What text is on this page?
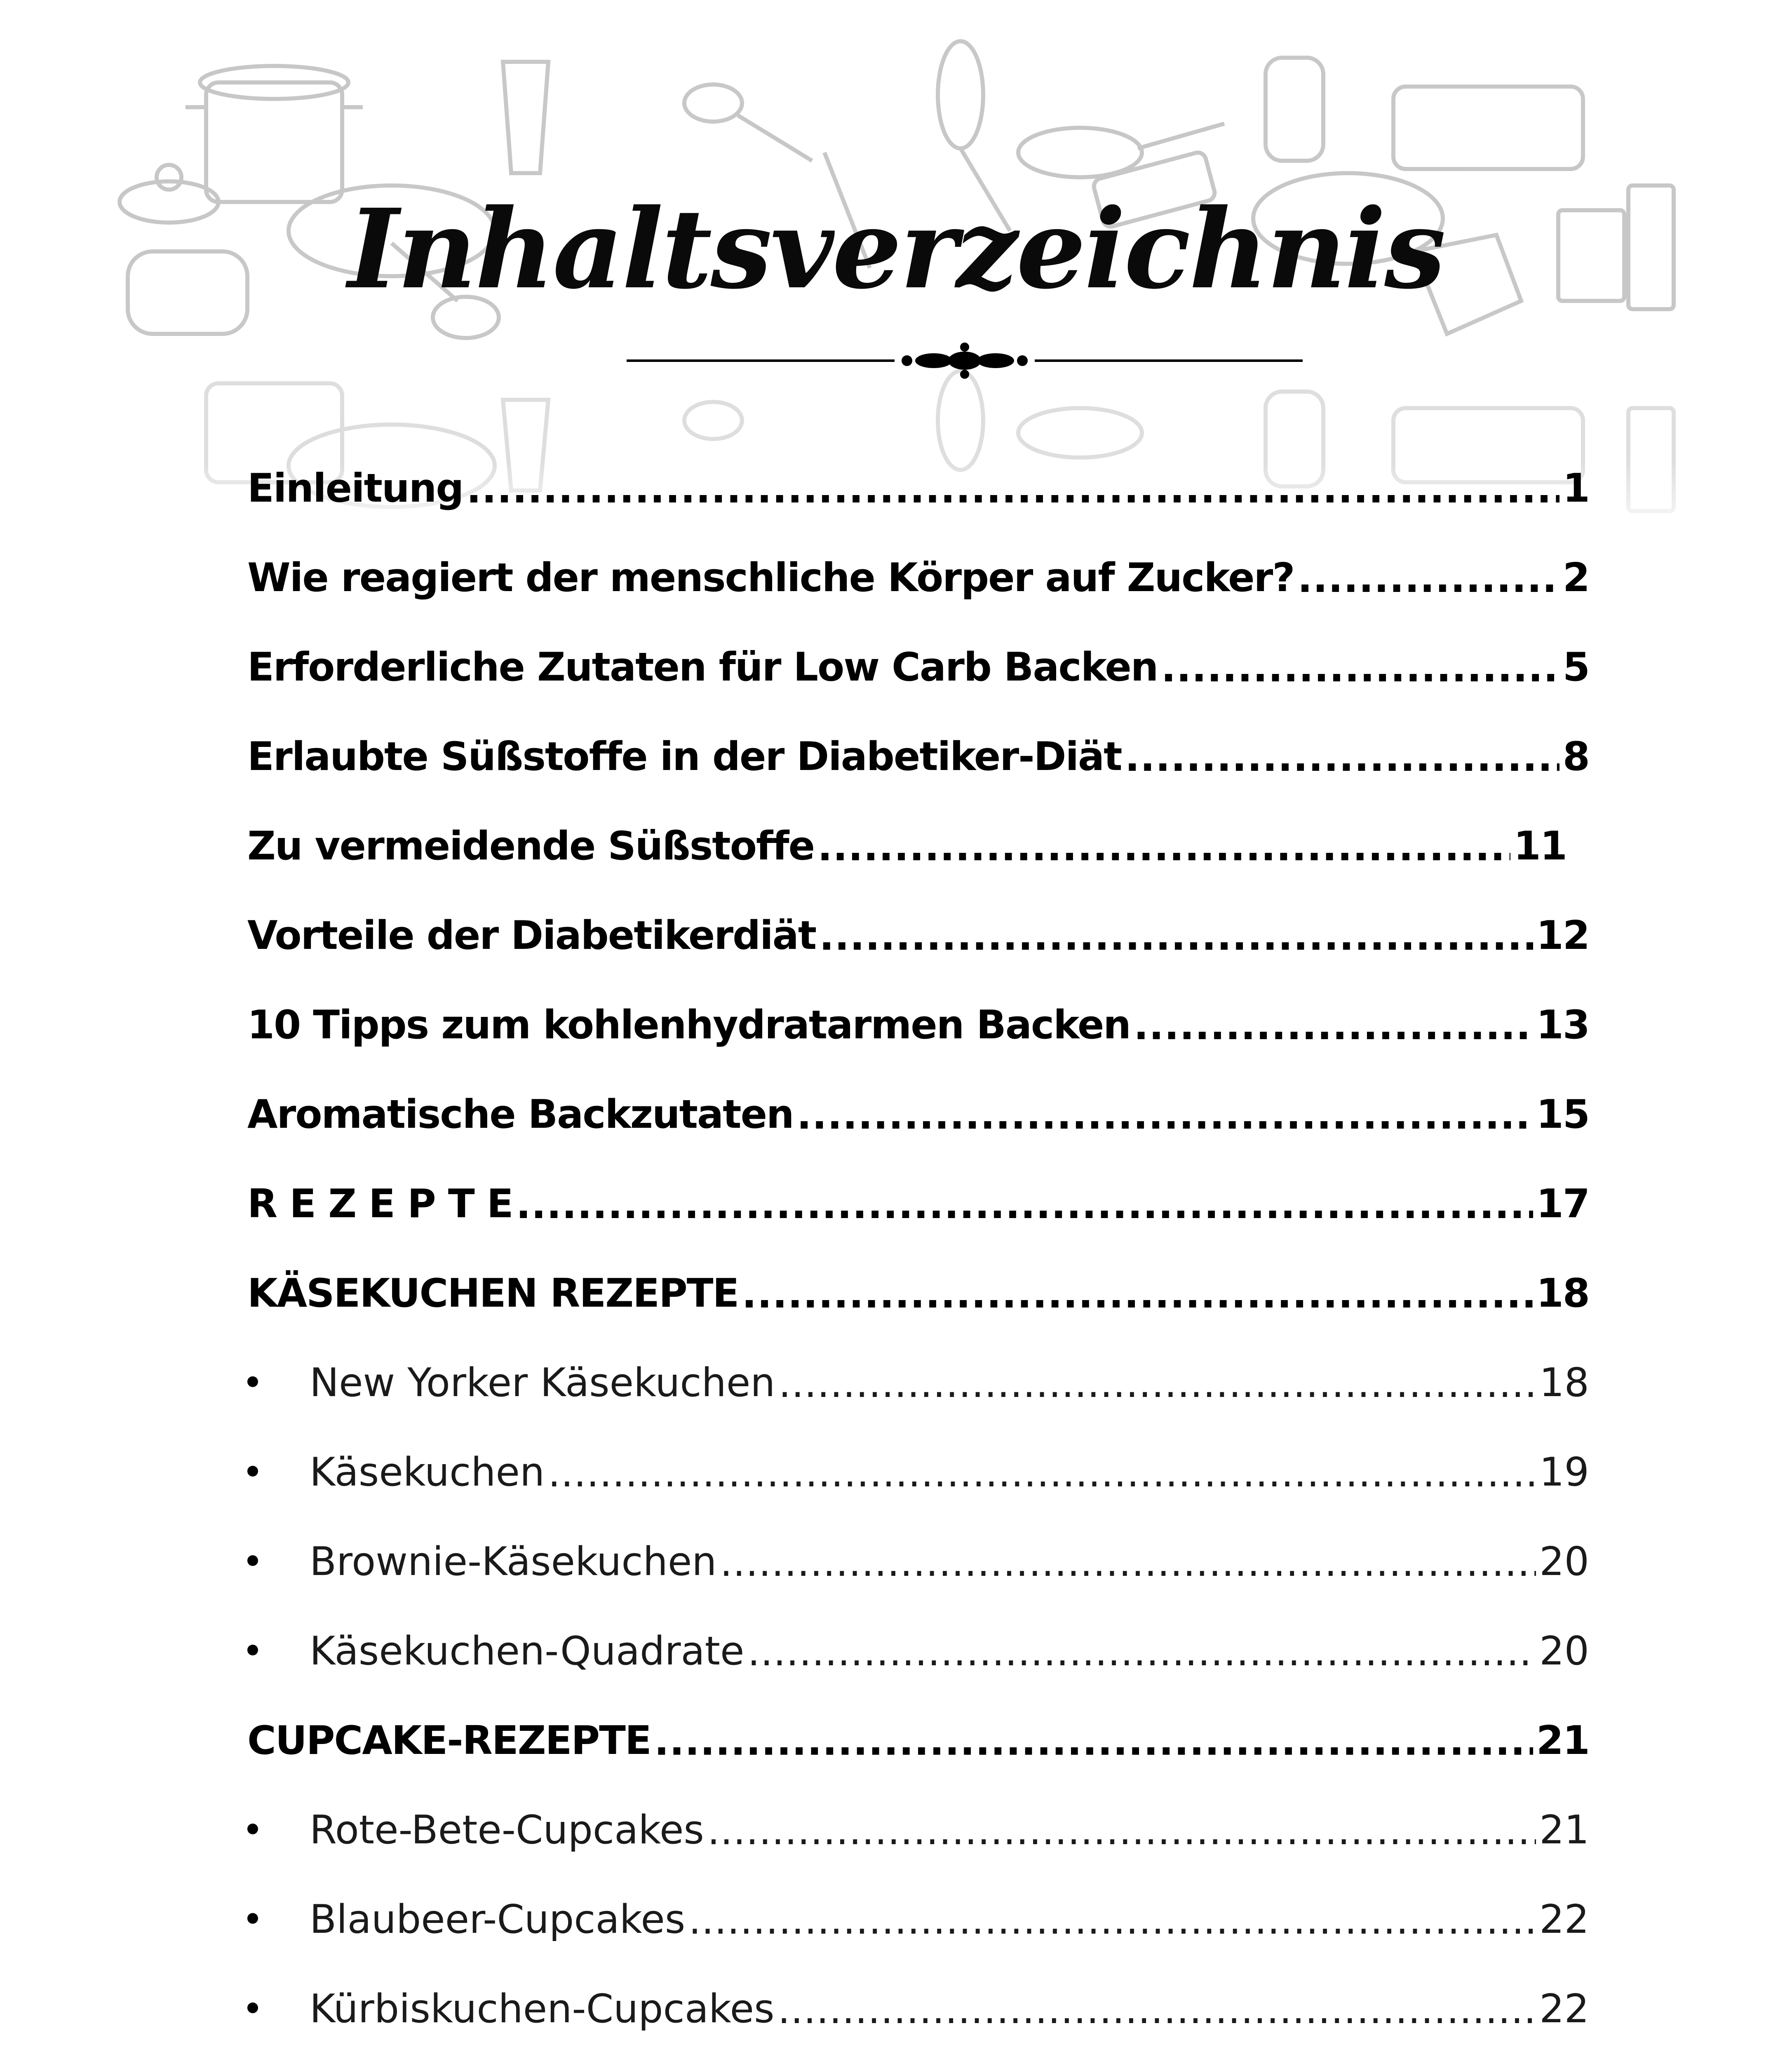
Inhaltsverzeichnis
Einleitung .....	1
Wie reagiert der menschliche Körper auf Zucker? .....	2
Erforderliche Zutaten für Low Carb Backen .....	5
Erlaubte Süßstoffe in der Diabetiker-Diät .....	8
Zu vermeidende Süßstoffe .....	11
Vorteile der Diabetikerdiät .....	12
10 Tipps zum kohlenhydratarmen Backen .....	13
Aromatische Backzutaten .....	15
R E Z E P T E .....	17
KÄSEKUCHEN REZEPTE .....	18
New Yorker Käsekuchen .....	18
Käsekuchen .....	19
Brownie-Käsekuchen .....	20
Käsekuchen-Quadrate .....	20
CUPCAKE-REZEPTE .....	21
Rote-Bete-Cupcakes .....	21
Blaubeer-Cupcakes .....	22
Kürbiskuchen-Cupcakes .....	22
